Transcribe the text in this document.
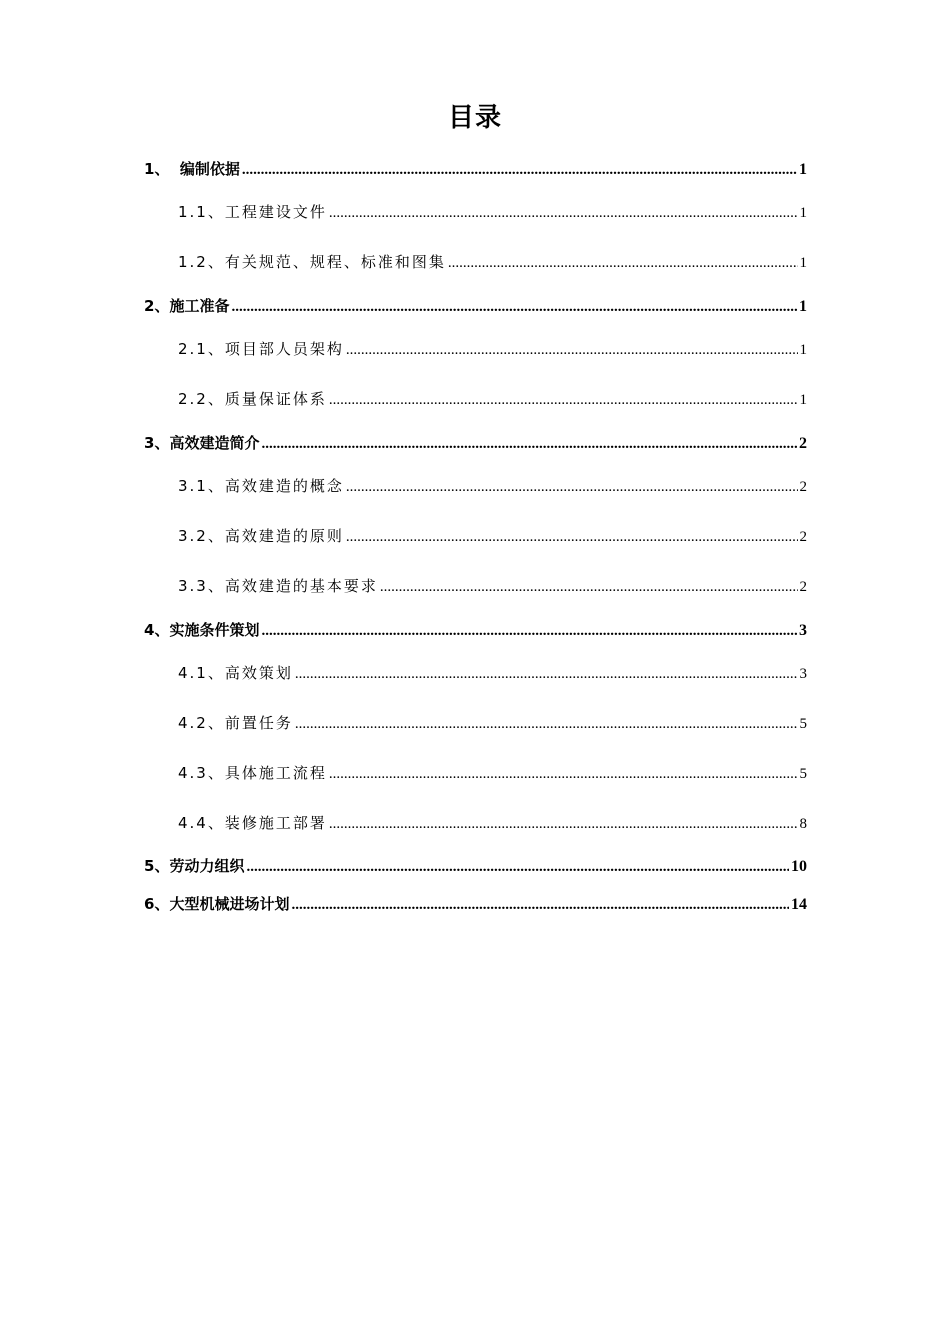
目录
1 、 编制依据 .....	1
1.1 、 工程建设文件 .....	1
1.2 、 有关规范、规程、标准和图集 .....	1
2 、 施工准备 .....	1
2.1 、 项目部人员架构 .....	1
2.2 、 质量保证体系 .....	1
3 、 高效建造简介 .....	2
3.1 、 高效建造的概念 .....	2
3.2 、 高效建造的原则 .....	2
3.3 、 高效建造的基本要求 .....	2
4 、 实施条件策划 .....	3
4.1 、 高效策划 .....	3
4.2 、 前置任务 .....	5
4.3 、 具体施工流程 .....	5
4.4 、 装修施工部署 .....	8
5 、 劳动力组织 .....	10
6 、 大型机械进场计划 .....	14
